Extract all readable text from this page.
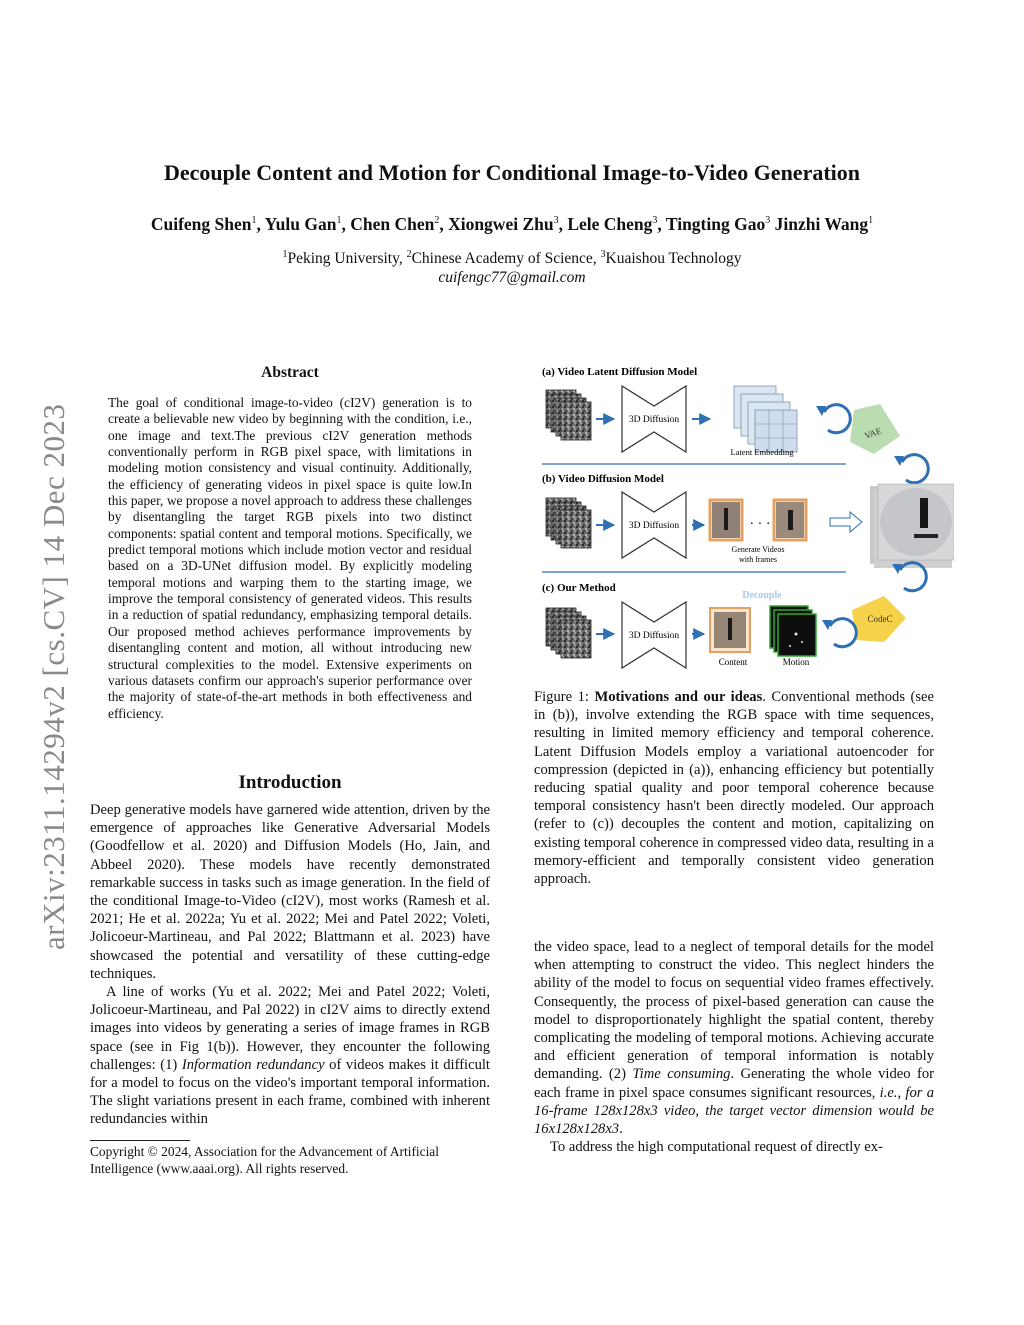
Decouple Content and Motion for Conditional Image-to-Video Generation
Cuifeng Shen$^1$, Yulu Gan$^1$, Chen Chen$^2$, Xiongwei Zhu$^3$, Lele Cheng$^3$, Tingting Gao$^3$ Jinzhi Wang$^1$
$^1$Peking University, $^2$Chinese Academy of Science, $^3$Kuaishou Technology
cuifengc77@gmail.com
arXiv:2311.14294v2 [cs.CV] 14 Dec 2023
Abstract
The goal of conditional image-to-video (cI2V) generation is to create a believable new video by beginning with the condition, i.e., one image and text.The previous cI2V generation methods conventionally perform in RGB pixel space, with limitations in modeling motion consistency and visual continuity. Additionally, the efficiency of generating videos in pixel space is quite low.In this paper, we propose a novel approach to address these challenges by disentangling the target RGB pixels into two distinct components: spatial content and temporal motions. Specifically, we predict temporal motions which include motion vector and residual based on a 3D-UNet diffusion model. By explicitly modeling temporal motions and warping them to the starting image, we improve the temporal consistency of generated videos. This results in a reduction of spatial redundancy, emphasizing temporal details. Our proposed method achieves performance improvements by disentangling content and motion, all without introducing new structural complexities to the model. Extensive experiments on various datasets confirm our approach's superior performance over the majority of state-of-the-art methods in both effectiveness and efficiency.
Introduction

Deep generative models have garnered wide attention, driven by the emergence of approaches like Generative Adversarial Models (Goodfellow et al. 2020) and Diffusion Models (Ho, Jain, and Abbeel 2020). These models have recently demonstrated remarkable success in tasks such as image generation. In the field of the conditional Image-to-Video (cI2V), most works (Ramesh et al. 2021; He et al. 2022a; Yu et al. 2022; Mei and Patel 2022; Voleti, Jolicoeur-Martineau, and Pal 2022; Blattmann et al. 2023) have showcased the potential and versatility of these cutting-edge techniques.

A line of works (Yu et al. 2022; Mei and Patel 2022; Voleti, Jolicoeur-Martineau, and Pal 2022) in cI2V aims to directly extend images into videos by generating a series of image frames in RGB space (see in Fig 1(b)). However, they encounter the following challenges: (1) Information redundancy of videos makes it difficult for a model to focus on the video's important temporal information. The slight variations present in each frame, combined with inherent redundancies within

Copyright © 2024, Association for the Advancement of Artificial Intelligence (www.aaai.org). All rights reserved.
(a) Video Latent Diffusion Model
3D Diffusion
Latent Embedding
(b) Video Diffusion Model
3D Diffusion	· · ·
Generate Videos
with frames
(c) Our Method
3D Diffusion
Decouple
Content	Motion
VAE
CodeC
Figure 1: Motivations and our ideas. Conventional methods (see in (b)), involve extending the RGB space with time sequences, resulting in limited memory efficiency and temporal coherence. Latent Diffusion Models employ a variational autoencoder for compression (depicted in (a)), enhancing efficiency but potentially reducing spatial quality and poor temporal coherence because temporal consistency hasn't been directly modeled. Our approach (refer to (c)) decouples the content and motion, capitalizing on existing temporal coherence in compressed video data, resulting in a memory-efficient and temporally consistent video generation approach.

the video space, lead to a neglect of temporal details for the model when attempting to construct the video. This neglect hinders the ability of the model to focus on sequential video frames effectively. Consequently, the process of pixel-based generation can cause the model to disproportionately highlight the spatial content, thereby complicating the modeling of temporal motions. Achieving accurate and efficient generation of temporal information is notably demanding. (2) Time consuming. Generating the whole video for each frame in pixel space consumes significant resources, i.e., for a 16-frame 128x128x3 video, the target vector dimension would be 16x128x128x3.

To address the high computational request of directly ex-
